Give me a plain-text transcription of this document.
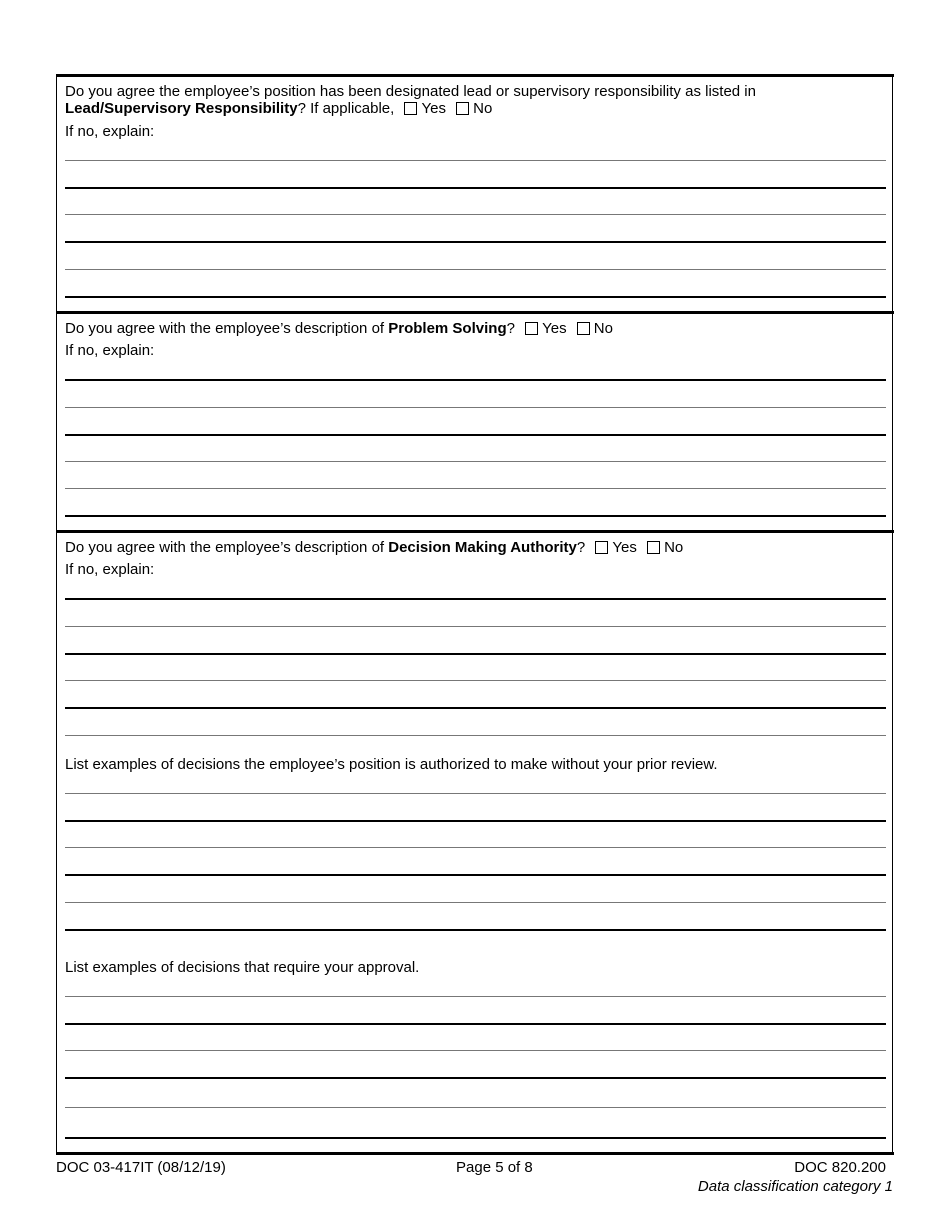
Do you agree the employee’s position has been designated lead or supervisory responsibility as listed in
Lead/Supervisory Responsibility? If applicable, Yes No
If no, explain:
Do you agree with the employee’s description of Problem Solving? Yes No
If no, explain:
Do you agree with the employee’s description of Decision Making Authority? Yes No
If no, explain:
List examples of decisions the employee’s position is authorized to make without your prior review.
List examples of decisions that require your approval.
DOC 03-417IT (08/12/19)	Page 5 of 8	DOC 820.200
Data classification category 1
